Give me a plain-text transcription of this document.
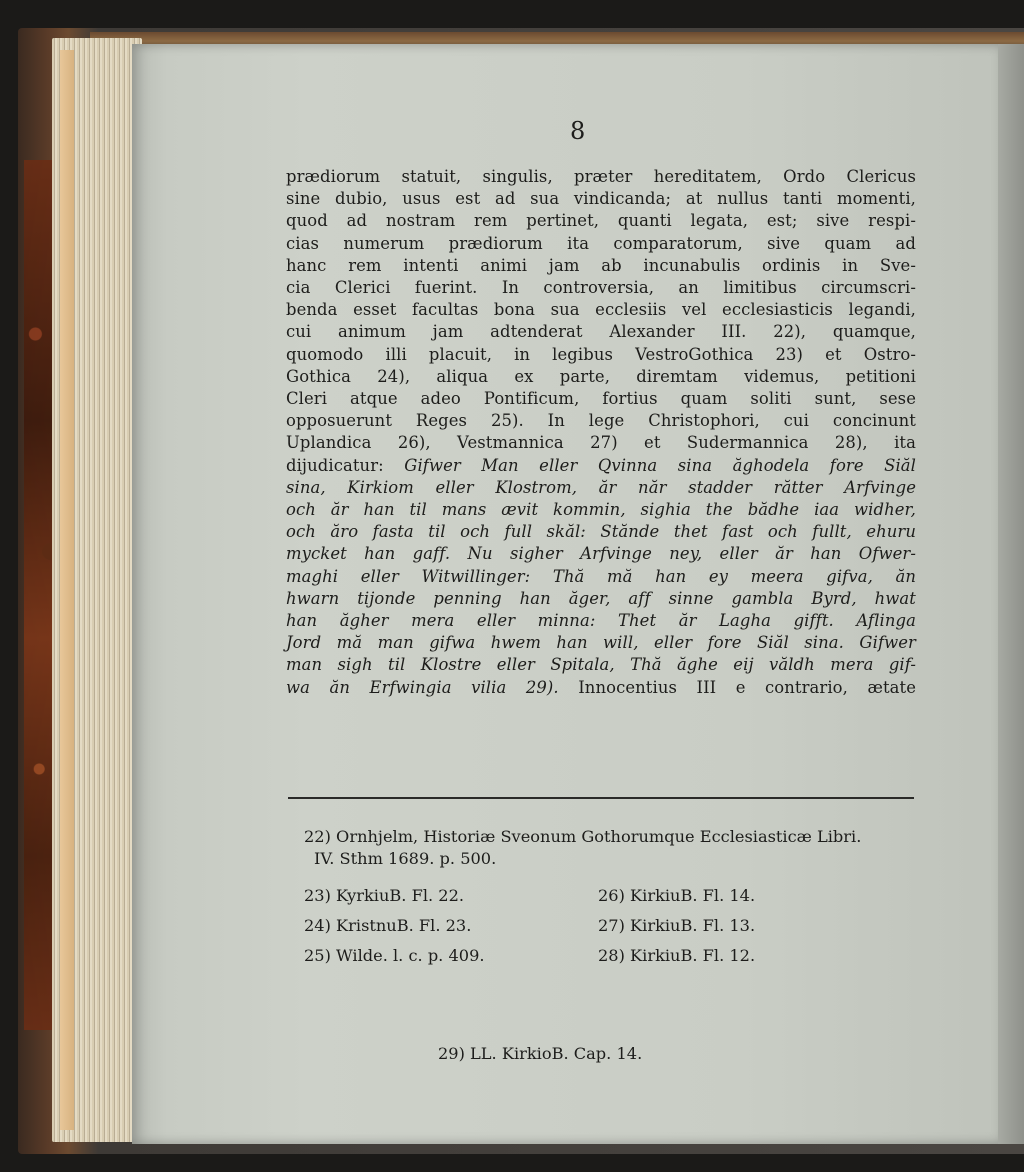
8
prædiorum statuit, singulis, præter hereditatem, Ordo Clericus
sine dubio, usus est ad sua vindicanda; at nullus tanti momenti,
quod ad nostram rem pertinet, quanti legata, est; sive respi-
cias numerum prædiorum ita comparatorum, sive quam ad
hanc rem intenti animi jam ab incunabulis ordinis in Sve-
cia Clerici fuerint. In controversia, an limitibus circumscri-
benda esset facultas bona sua ecclesiis vel ecclesiasticis legandi,
cui animum jam adtenderat Alexander III. 22), quamque,
quomodo illi placuit, in legibus VestroGothica 23) et Ostro-
Gothica 24), aliqua ex parte, diremtam videmus, petitioni
Cleri atque adeo Pontificum, fortius quam soliti sunt, sese
opposuerunt Reges 25). In lege Christophori, cui concinunt
Uplandica 26), Vestmannica 27) et Sudermannica 28), ita
dijudicatur: Gifwer Man eller Qvinna sina ăghodela fore Siăl
sina, Kirkiom eller Klostrom, ăr năr stadder rătter Arfvinge
och ăr han til mans ævit kommin, sighia the bădhe iaa widher,
och ăro fasta til och full skăl: Stănde thet fast och fullt, ehuru
mycket han gaff. Nu sigher Arfvinge ney, eller ăr han Ofwer-
maghi eller Witwillinger: Thă mă han ey meera gifva, ăn
hwarn tijonde penning han ăger, aff sinne gambla Byrd, hwat
han ăgher mera eller minna: Thet ăr Lagha gifft. Aflinga
Jord mă man gifwa hwem han will, eller fore Siăl sina. Gifwer
man sigh til Klostre eller Spitala, Thă ăghe eij văldh mera gif-
wa ăn Erfwingia vilia 29). Innocentius III e contrario, ætate

22) Ornhjelm, Historiæ Sveonum Gothorumque Ecclesiasticæ Libri.
IV. Sthm 1689. p. 500.

23) KyrkiuB. Fl. 22.	26) KirkiuB. Fl. 14.
24) KristnuB. Fl. 23.	27) KirkiuB. Fl. 13.
25) Wilde. l. c. p. 409.	28) KirkiuB. Fl. 12.
29) LL. KirkioB. Cap. 14.
